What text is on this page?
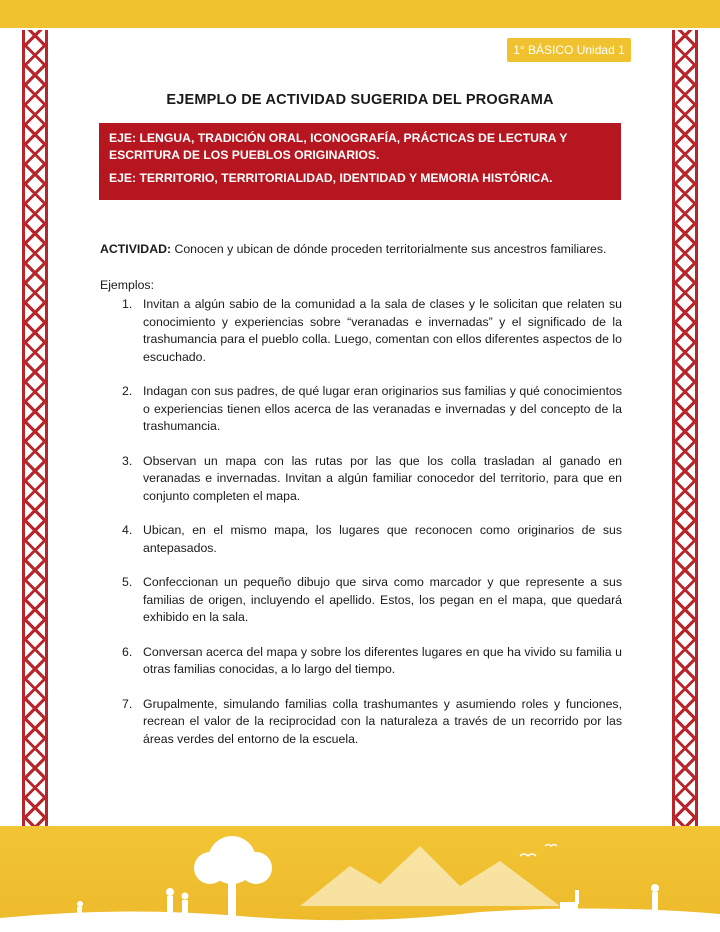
1° BÁSICO Unidad 1
EJEMPLO DE ACTIVIDAD SUGERIDA DEL PROGRAMA
EJE: LENGUA, TRADICIÓN ORAL, ICONOGRAFÍA, PRÁCTICAS DE LECTURA Y ESCRITURA DE LOS PUEBLOS ORIGINARIOS.
EJE: TERRITORIO, TERRITORIALIDAD, IDENTIDAD Y MEMORIA HISTÓRICA.
ACTIVIDAD: Conocen y ubican de dónde proceden territorialmente sus ancestros familiares.
Ejemplos:
1. Invitan a algún sabio de la comunidad a la sala de clases y le solicitan que relaten su conocimiento y experiencias sobre “veranadas e invernadas” y el significado de la trashumancia para el pueblo colla. Luego, comentan con ellos diferentes aspectos de lo escuchado.
2. Indagan con sus padres, de qué lugar eran originarios sus familias y qué conocimientos o experiencias tienen ellos acerca de las veranadas e invernadas y del concepto de la trashumancia.
3. Observan un mapa con las rutas por las que los colla trasladan al ganado en veranadas e invernadas. Invitan a algún familiar conocedor del territorio, para que en conjunto completen el mapa.
4. Ubican, en el mismo mapa, los lugares que reconocen como originarios de sus antepasados.
5. Confeccionan un pequeño dibujo que sirva como marcador y que represente a sus familias de origen, incluyendo el apellido. Estos, los pegan en el mapa, que quedará exhibido en la sala.
6. Conversan acerca del mapa y sobre los diferentes lugares en que ha vivido su familia u otras familias conocidas, a lo largo del tiempo.
7. Grupalmente, simulando familias colla trashumantes y asumiendo roles y funciones, recrean el valor de la reciprocidad con la naturaleza a través de un recorrido por las áreas verdes del entorno de la escuela.
